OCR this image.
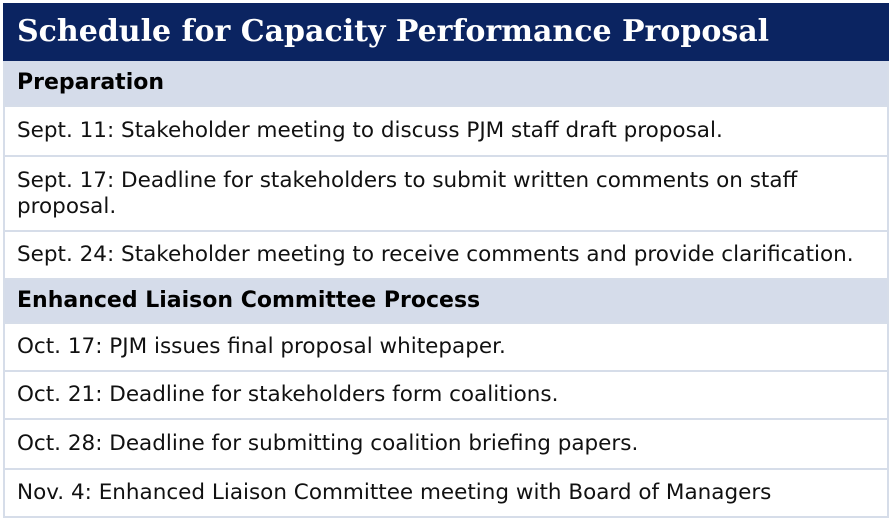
Schedule for Capacity Performance Proposal
Preparation
Sept. 11: Stakeholder meeting to discuss PJM staff draft proposal.
Sept. 17: Deadline for stakeholders to submit written comments on staff proposal.
Sept. 24: Stakeholder meeting to receive comments and provide clarification.
Enhanced Liaison Committee Process
Oct. 17: PJM issues final proposal whitepaper.
Oct. 21: Deadline for stakeholders form coalitions.
Oct. 28: Deadline for submitting coalition briefing papers.
Nov. 4: Enhanced Liaison Committee meeting with Board of Managers
